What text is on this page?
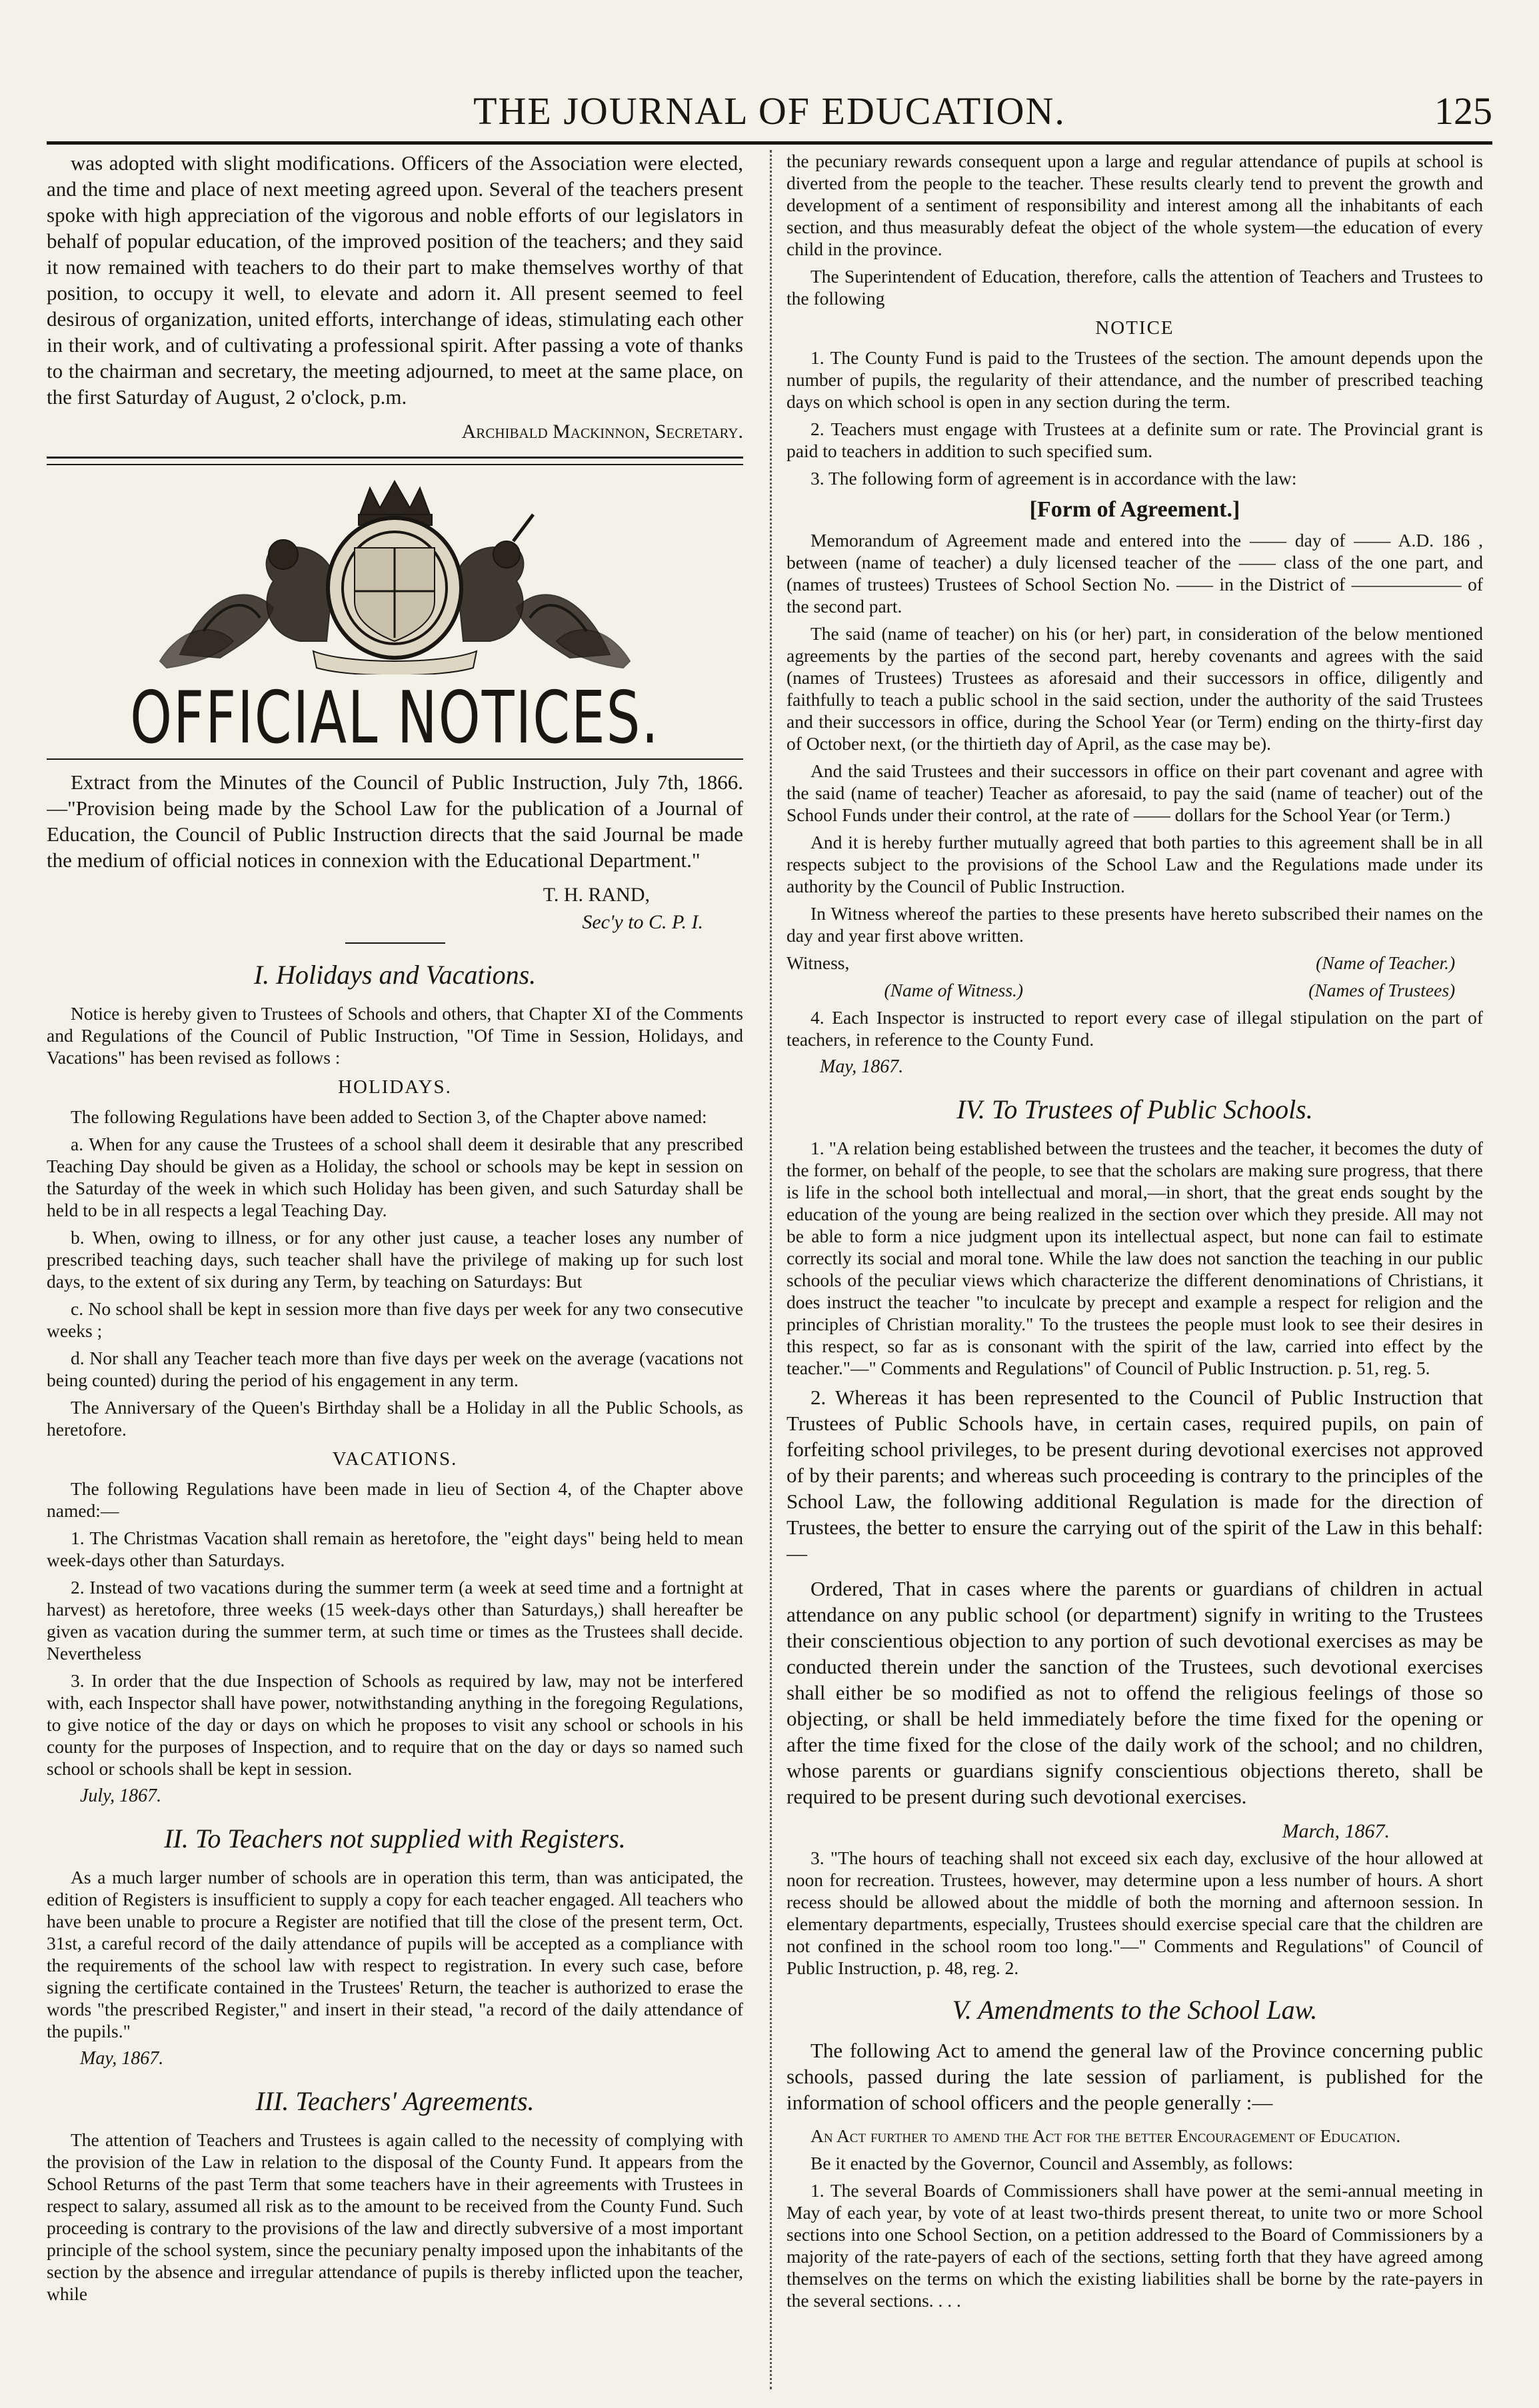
THE JOURNAL OF EDUCATION.	125

was adopted with slight modifications. Officers of the Association were elected, and the time and place of next meeting agreed upon. Several of the teachers present spoke with high appreciation of the vigorous and noble efforts of our legislators in behalf of popular education, of the improved position of the teachers; and they said it now remained with teachers to do their part to make themselves worthy of that position, to occupy it well, to elevate and adorn it. All present seemed to feel desirous of organization, united efforts, interchange of ideas, stimulating each other in their work, and of cultivating a professional spirit. After passing a vote of thanks to the chairman and secretary, the meeting adjourned, to meet at the same place, on the first Saturday of August, 2 o'clock, p.m.

Archibald Mackinnon, Secretary.
OFFICIAL NOTICES.

Extract from the Minutes of the Council of Public Instruction, July 7th, 1866.—"Provision being made by the School Law for the publication of a Journal of Education, the Council of Public Instruction directs that the said Journal be made the medium of official notices in connexion with the Educational Department."

T. H. RAND,
Sec'y to C. P. I.
I. Holidays and Vacations.

Notice is hereby given to Trustees of Schools and others, that Chapter XI of the Comments and Regulations of the Council of Public Instruction, "Of Time in Session, Holidays, and Vacations" has been revised as follows :

HOLIDAYS.

The following Regulations have been added to Section 3, of the Chapter above named:

a. When for any cause the Trustees of a school shall deem it desirable that any prescribed Teaching Day should be given as a Holiday, the school or schools may be kept in session on the Saturday of the week in which such Holiday has been given, and such Saturday shall be held to be in all respects a legal Teaching Day.

b. When, owing to illness, or for any other just cause, a teacher loses any number of prescribed teaching days, such teacher shall have the privilege of making up for such lost days, to the extent of six during any Term, by teaching on Saturdays: But

c. No school shall be kept in session more than five days per week for any two consecutive weeks ;

d. Nor shall any Teacher teach more than five days per week on the average (vacations not being counted) during the period of his engagement in any term.

The Anniversary of the Queen's Birthday shall be a Holiday in all the Public Schools, as heretofore.

VACATIONS.

The following Regulations have been made in lieu of Section 4, of the Chapter above named:—

1. The Christmas Vacation shall remain as heretofore, the "eight days" being held to mean week-days other than Saturdays.

2. Instead of two vacations during the summer term (a week at seed time and a fortnight at harvest) as heretofore, three weeks (15 week-days other than Saturdays,) shall hereafter be given as vacation during the summer term, at such time or times as the Trustees shall decide. Nevertheless

3. In order that the due Inspection of Schools as required by law, may not be interfered with, each Inspector shall have power, notwithstanding anything in the foregoing Regulations, to give notice of the day or days on which he proposes to visit any school or schools in his county for the purposes of Inspection, and to require that on the day or days so named such school or schools shall be kept in session.

July, 1867.
II. To Teachers not supplied with Registers.

As a much larger number of schools are in operation this term, than was anticipated, the edition of Registers is insufficient to supply a copy for each teacher engaged. All teachers who have been unable to procure a Register are notified that till the close of the present term, Oct. 31st, a careful record of the daily attendance of pupils will be accepted as a compliance with the requirements of the school law with respect to registration. In every such case, before signing the certificate contained in the Trustees' Return, the teacher is authorized to erase the words "the prescribed Register," and insert in their stead, "a record of the daily attendance of the pupils."

May, 1867.
III. Teachers' Agreements.

The attention of Teachers and Trustees is again called to the necessity of complying with the provision of the Law in relation to the disposal of the County Fund. It appears from the School Returns of the past Term that some teachers have in their agreements with Trustees in respect to salary, assumed all risk as to the amount to be received from the County Fund. Such proceeding is contrary to the provisions of the law and directly subversive of a most important principle of the school system, since the pecuniary penalty imposed upon the inhabitants of the section by the absence and irregular attendance of pupils is thereby inflicted upon the teacher, while

the pecuniary rewards consequent upon a large and regular attendance of pupils at school is diverted from the people to the teacher. These results clearly tend to prevent the growth and development of a sentiment of responsibility and interest among all the inhabitants of each section, and thus measurably defeat the object of the whole system—the education of every child in the province.

The Superintendent of Education, therefore, calls the attention of Teachers and Trustees to the following

NOTICE

1. The County Fund is paid to the Trustees of the section. The amount depends upon the number of pupils, the regularity of their attendance, and the number of prescribed teaching days on which school is open in any section during the term.

2. Teachers must engage with Trustees at a definite sum or rate. The Provincial grant is paid to teachers in addition to such specified sum.

3. The following form of agreement is in accordance with the law:

[Form of Agreement.]

Memorandum of Agreement made and entered into the —— day of —— A.D. 186 , between (name of teacher) a duly licensed teacher of the —— class of the one part, and (names of trustees) Trustees of School Section No. —— in the District of —————— of the second part.

The said (name of teacher) on his (or her) part, in consideration of the below mentioned agreements by the parties of the second part, hereby covenants and agrees with the said (names of Trustees) Trustees as aforesaid and their successors in office, diligently and faithfully to teach a public school in the said section, under the authority of the said Trustees and their successors in office, during the School Year (or Term) ending on the thirty-first day of October next, (or the thirtieth day of April, as the case may be).

And the said Trustees and their successors in office on their part covenant and agree with the said (name of teacher) Teacher as aforesaid, to pay the said (name of teacher) out of the School Funds under their control, at the rate of —— dollars for the School Year (or Term.)

And it is hereby further mutually agreed that both parties to this agreement shall be in all respects subject to the provisions of the School Law and the Regulations made under its authority by the Council of Public Instruction.

In Witness whereof the parties to these presents have hereto subscribed their names on the day and year first above written.

Witness,	(Name of Teacher.)
(Name of Witness.)	(Names of Trustees)

4. Each Inspector is instructed to report every case of illegal stipulation on the part of teachers, in reference to the County Fund.

May, 1867.
IV. To Trustees of Public Schools.

1. "A relation being established between the trustees and the teacher, it becomes the duty of the former, on behalf of the people, to see that the scholars are making sure progress, that there is life in the school both intellectual and moral,—in short, that the great ends sought by the education of the young are being realized in the section over which they preside. All may not be able to form a nice judgment upon its intellectual aspect, but none can fail to estimate correctly its social and moral tone. While the law does not sanction the teaching in our public schools of the peculiar views which characterize the different denominations of Christians, it does instruct the teacher "to inculcate by precept and example a respect for religion and the principles of Christian morality." To the trustees the people must look to see their desires in this respect, so far as is consonant with the spirit of the law, carried into effect by the teacher."—" Comments and Regulations" of Council of Public Instruction. p. 51, reg. 5.

2. Whereas it has been represented to the Council of Public Instruction that Trustees of Public Schools have, in certain cases, required pupils, on pain of forfeiting school privileges, to be present during devotional exercises not approved of by their parents; and whereas such proceeding is contrary to the principles of the School Law, the following additional Regulation is made for the direction of Trustees, the better to ensure the carrying out of the spirit of the Law in this behalf:—

Ordered, That in cases where the parents or guardians of children in actual attendance on any public school (or department) signify in writing to the Trustees their conscientious objection to any portion of such devotional exercises as may be conducted therein under the sanction of the Trustees, such devotional exercises shall either be so modified as not to offend the religious feelings of those so objecting, or shall be held immediately before the time fixed for the opening or after the time fixed for the close of the daily work of the school; and no children, whose parents or guardians signify conscientious objections thereto, shall be required to be present during such devotional exercises.

March, 1867.

3. "The hours of teaching shall not exceed six each day, exclusive of the hour allowed at noon for recreation. Trustees, however, may determine upon a less number of hours. A short recess should be allowed about the middle of both the morning and afternoon session. In elementary departments, especially, Trustees should exercise special care that the children are not confined in the school room too long."—" Comments and Regulations" of Council of Public Instruction, p. 48, reg. 2.

V. Amendments to the School Law.

The following Act to amend the general law of the Province concerning public schools, passed during the late session of parliament, is published for the information of school officers and the people generally :—

An Act further to amend the Act for the better Encouragement of Education.

Be it enacted by the Governor, Council and Assembly, as follows:

1. The several Boards of Commissioners shall have power at the semi-annual meeting in May of each year, by vote of at least two-thirds present thereat, to unite two or more School sections into one School Section, on a petition addressed to the Board of Commissioners by a majority of the rate-payers of each of the sections, setting forth that they have agreed among themselves on the terms on which the existing liabilities shall be borne by the rate-payers in the several sections. . . .
